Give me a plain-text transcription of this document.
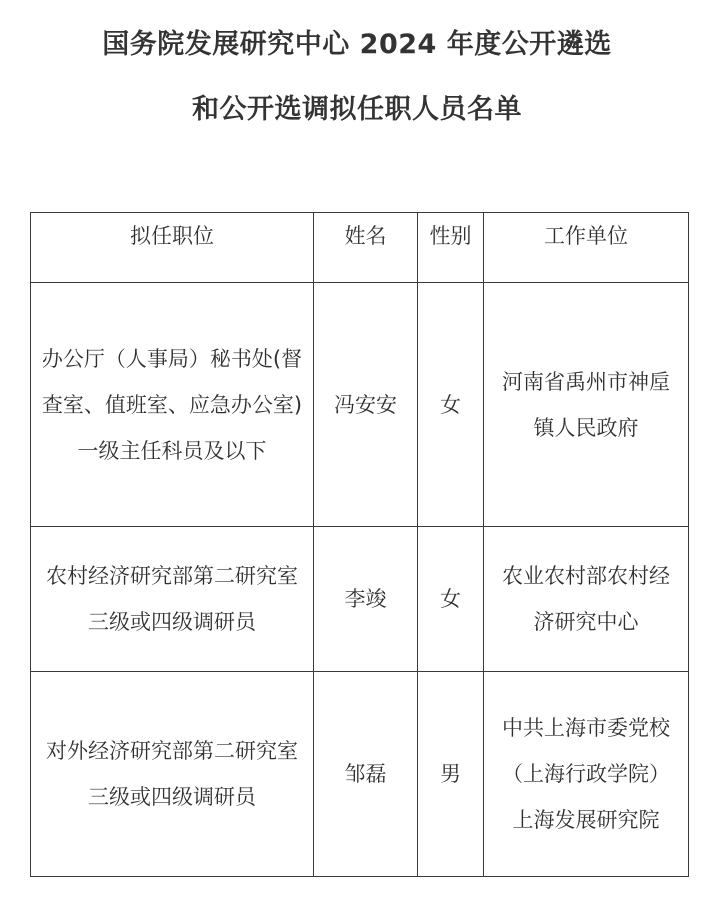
国务院发展研究中心 2024 年度公开遴选
和公开选调拟任职人员名单
拟任职位	姓名	性别	工作单位
办公厅（人事局）秘书处(督查室、值班室、应急办公室)一级主任科员及以下	冯安安	女	河南省禹州市神垕镇人民政府
农村经济研究部第二研究室三级或四级调研员	李竣	女	农业农村部农村经济研究中心
对外经济研究部第二研究室三级或四级调研员	邹磊	男	中共上海市委党校（上海行政学院）上海发展研究院
